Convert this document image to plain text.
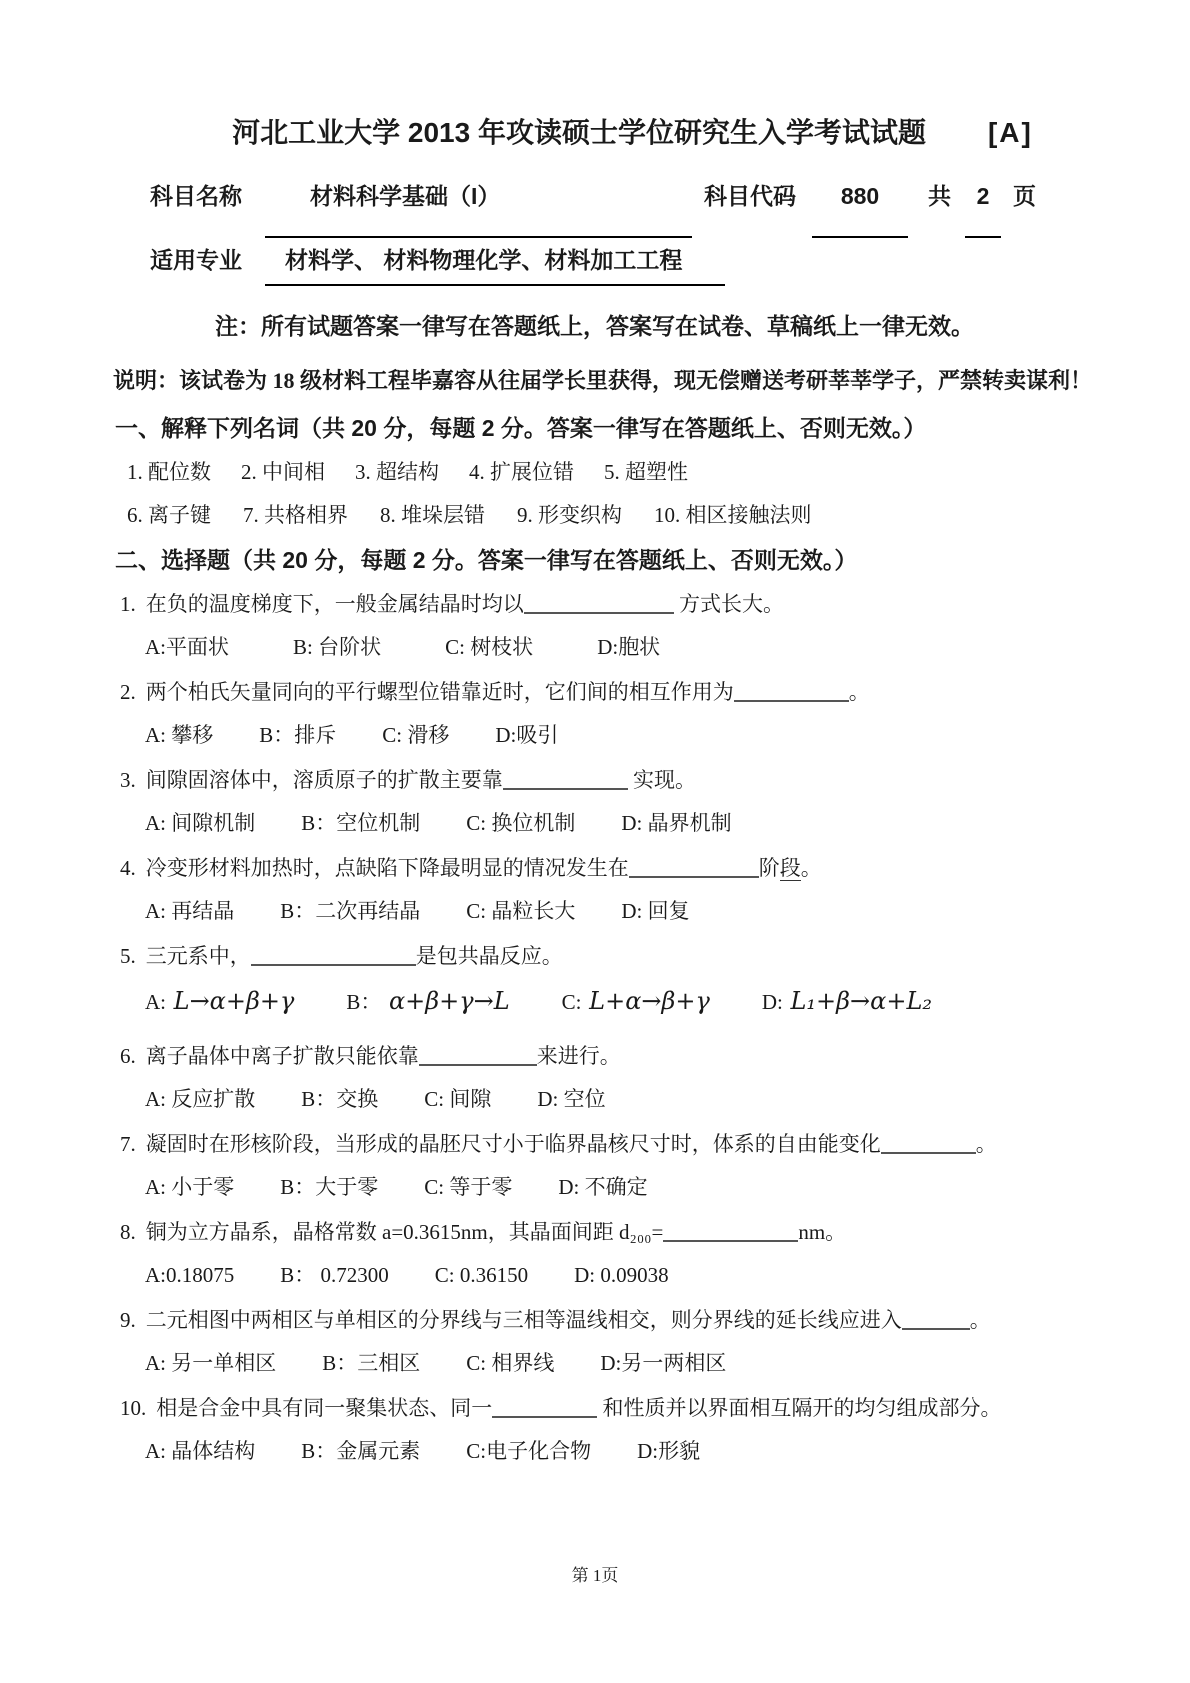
河北工业大学 2013 年攻读硕士学位研究生入学考试试题 [A]
科目名称	材料科学基础（I）	科目代码	880	共	2	页
适用专业	材料学、 材料物理化学、材料加工工程
注：所有试题答案一律写在答题纸上，答案写在试卷、草稿纸上一律无效。
说明：该试卷为 18 级材料工程毕嘉容从往届学长里获得，现无偿赠送考研莘莘学子，严禁转卖谋利！
一、解释下列名词（共 20 分，每题 2 分。答案一律写在答题纸上、否则无效。）
1. 配位数 2. 中间相 3. 超结构 4. 扩展位错 5. 超塑性
6. 离子键 7. 共格相界 8. 堆垛层错 9. 形变织构 10. 相区接触法则
二、选择题（共 20 分，每题 2 分。答案一律写在答题纸上、否则无效。）
1. 在负的温度梯度下，一般金属结晶时均以	方式长大。
A:平面状	B: 台阶状	C: 树枝状	D:胞状
2. 两个柏氏矢量同向的平行螺型位错靠近时，它们间的相互作用为	。
A: 攀移 B：排斥 C: 滑移 D:吸引
3. 间隙固溶体中，溶质原子的扩散主要靠	实现。
A: 间隙机制 B：空位机制 C: 换位机制 D: 晶界机制
4. 冷变形材料加热时，点缺陷下降最明显的情况发生在	阶段。
A: 再结晶 B：二次再结晶 C: 晶粒长大 D: 回复
5. 三元系中，	是包共晶反应。
A: L→α+β+γ B： α+β+γ→L C: L+α→β+γ D: L₁+β→α+L₂
6. 离子晶体中离子扩散只能依靠	来进行。
A: 反应扩散 B：交换 C: 间隙 D: 空位
7. 凝固时在形核阶段，当形成的晶胚尺寸小于临界晶核尺寸时，体系的自由能变化	。
A: 小于零 B：大于零 C: 等于零 D: 不确定
8. 铜为立方晶系，晶格常数 a=0.3615nm，其晶面间距 d₂₀₀=	nm。
A:0.18075 B： 0.72300 C: 0.36150 D: 0.09038
9. 二元相图中两相区与单相区的分界线与三相等温线相交，则分界线的延长线应进入	。
A: 另一单相区 B：三相区 C: 相界线 D:另一两相区
10. 相是合金中具有同一聚集状态、同一	和性质并以界面相互隔开的均匀组成部分。
A: 晶体结构 B：金属元素 C:电子化合物 D:形貌
第 1页
